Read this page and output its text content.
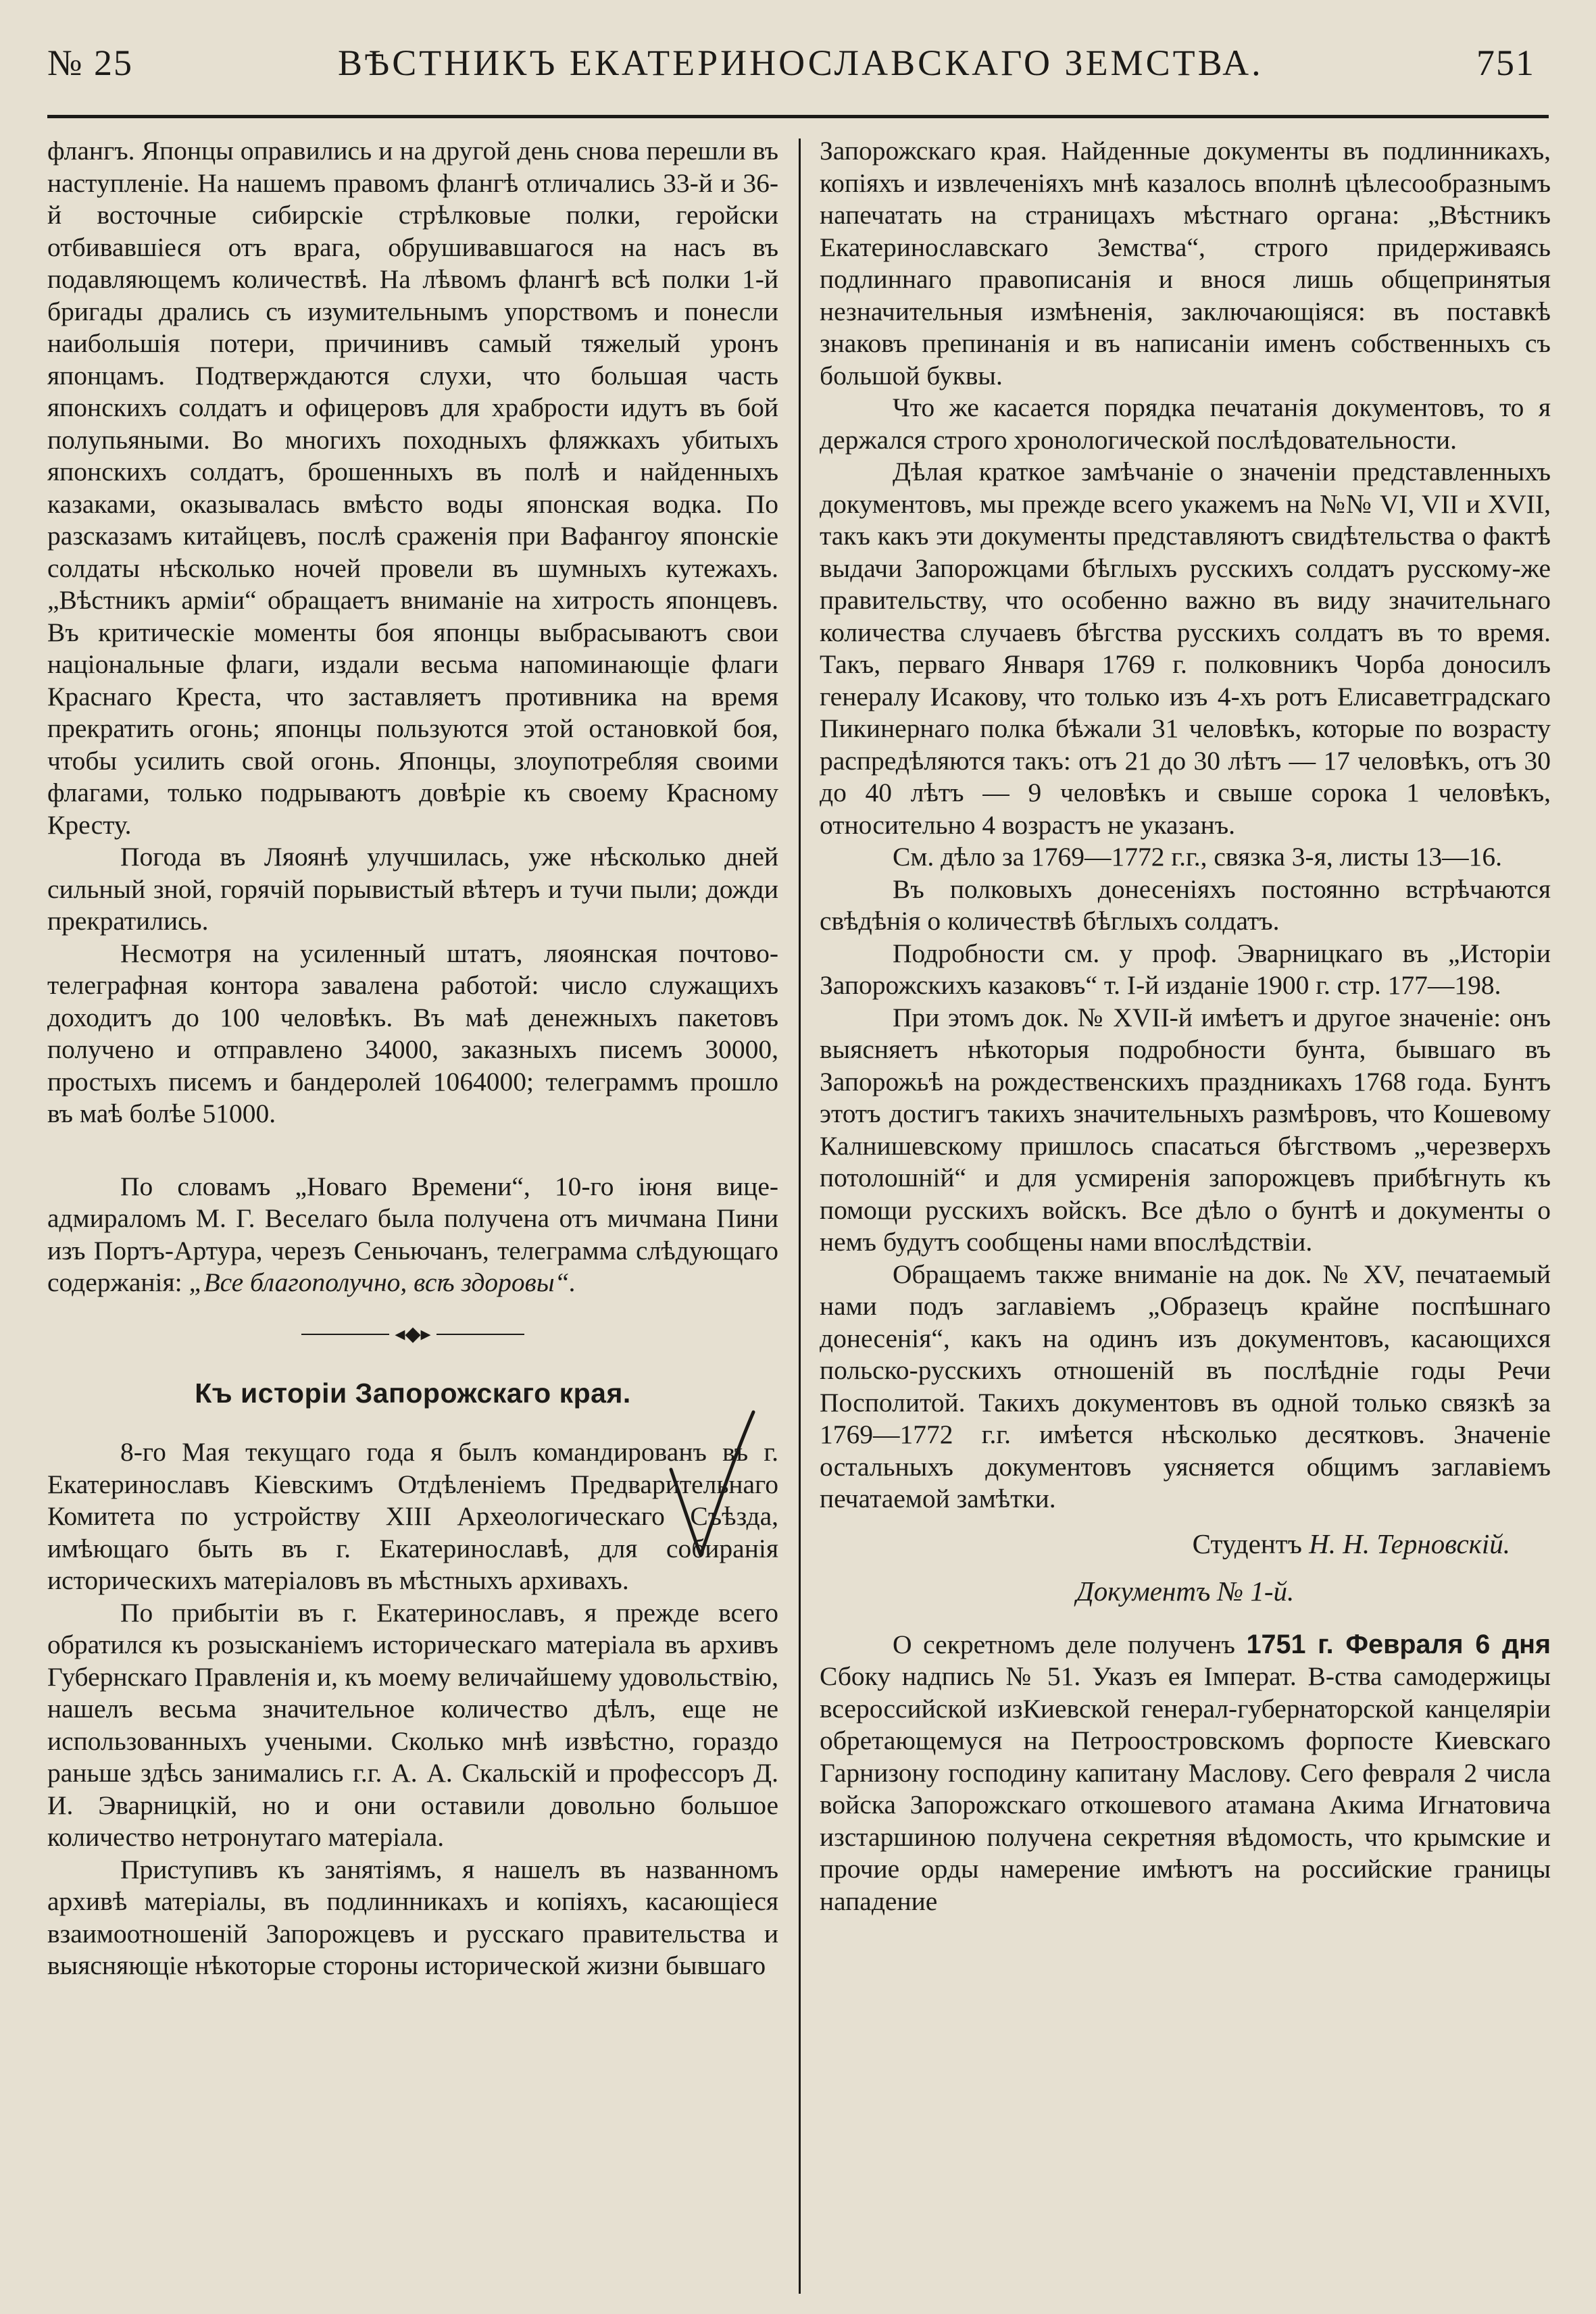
№ 25	ВѢСТНИКЪ ЕКАТЕРИНОСЛАВСКАГО ЗЕМСТВА.	751

флангъ. Японцы оправились и на другой день снова перешли въ наступленіе. На нашемъ правомъ флангѣ отличались 33-й и 36-й восточные сибирскіе стрѣлковые полки, геройски отбивавшіеся отъ врага, обрушивавшагося на насъ въ подавляющемъ количествѣ. На лѣвомъ флангѣ всѣ полки 1-й бригады дрались съ изумительнымъ упорствомъ и понесли наибольшія потери, причинивъ самый тяжелый уронъ японцамъ. Подтверждаются слухи, что большая часть японскихъ солдатъ и офицеровъ для храбрости идутъ въ бой полупьяными. Во многихъ походныхъ фляжкахъ убитыхъ японскихъ солдатъ, брошенныхъ въ полѣ и найденныхъ казаками, оказывалась вмѣсто воды японская водка. По разсказамъ китайцевъ, послѣ сраженія при Вафангоу японскіе солдаты нѣсколько ночей провели въ шумныхъ кутежахъ. „Вѣстникъ арміи“ обращаетъ вниманіе на хитрость японцевъ. Въ критическіе моменты боя японцы выбрасываютъ свои національные флаги, издали весьма напоминающіе флаги Краснаго Креста, что заставляетъ противника на время прекратить огонь; японцы пользуются этой остановкой боя, чтобы усилить свой огонь. Японцы, злоупотребляя своими флагами, только подрываютъ довѣріе къ своему Красному Кресту.

Погода въ Ляоянѣ улучшилась, уже нѣсколько дней сильный зной, горячій порывистый вѣтеръ и тучи пыли; дожди прекратились.

Несмотря на усиленный штатъ, ляоянская почтово-телеграфная контора завалена работой: число служащихъ доходитъ до 100 человѣкъ. Въ маѣ денежныхъ пакетовъ получено и отправлено 34000, заказныхъ писемъ 30000, простыхъ писемъ и бандеролей 1064000; телеграммъ прошло въ маѣ болѣе 51000.

По словамъ „Новаго Времени“, 10-го іюня вице-адмираломъ М. Г. Веселаго была получена отъ мичмана Пини изъ Портъ-Артура, черезъ Сеньючанъ, телеграмма слѣдующаго содержанія: „Все благополучно, всѣ здоровы“.

◂◆▸
Къ исторіи Запорожскаго края.

8-го Мая текущаго года я былъ командированъ въ г. Екатеринославъ Кіевскимъ Отдѣленіемъ Предварительнаго Комитета по устройству XIII Археологическаго Съѣзда, имѣющаго быть въ г. Екатеринославѣ, для собиранія историческихъ матеріаловъ въ мѣстныхъ архивахъ.

По прибытіи въ г. Екатеринославъ, я прежде всего обратился къ розысканіемъ историческаго матеріала въ архивъ Губернскаго Правленія и, къ моему величайшему удовольствію, нашелъ весьма значительное количество дѣлъ, еще не использованныхъ учеными. Сколько мнѣ извѣстно, гораздо раньше здѣсь занимались г.г. А. А. Скальскій и профессоръ Д. И. Эварницкій, но и они оставили довольно большое количество нетронутаго матеріала.

Приступивъ къ занятіямъ, я нашелъ въ названномъ архивѣ матеріалы, въ подлинникахъ и копіяхъ, касающіеся взаимоотношеній Запорожцевъ и русскаго правительства и выясняющіе нѣкоторые стороны исторической жизни бывшаго

Запорожскаго края. Найденные документы въ подлинникахъ, копіяхъ и извлеченіяхъ мнѣ казалось вполнѣ цѣлесообразнымъ напечатать на страницахъ мѣстнаго органа: „Вѣстникъ Екатеринославскаго Земства“, строго придерживаясь подлиннаго правописанія и внося лишь общепринятыя незначительныя измѣненія, заключающіяся: въ поставкѣ знаковъ препинанія и въ написаніи именъ собственныхъ съ большой буквы.

Что же касается порядка печатанія документовъ, то я держался строго хронологической послѣдовательности.

Дѣлая краткое замѣчаніе о значеніи представленныхъ документовъ, мы прежде всего укажемъ на №№ VI, VII и XVII, такъ какъ эти документы представляютъ свидѣтельства о фактѣ выдачи Запорожцами бѣглыхъ русскихъ солдатъ русскому-же правительству, что особенно важно въ виду значительнаго количества случаевъ бѣгства русскихъ солдатъ въ то время. Такъ, перваго Января 1769 г. полковникъ Чорба доносилъ генералу Исакову, что только изъ 4-хъ ротъ Елисаветградскаго Пикинернаго полка бѣжали 31 человѣкъ, которые по возрасту распредѣляются такъ: отъ 21 до 30 лѣтъ — 17 человѣкъ, отъ 30 до 40 лѣтъ — 9 человѣкъ и свыше сорока 1 человѣкъ, относительно 4 возрастъ не указанъ.

См. дѣло за 1769—1772 г.г., связка 3-я, листы 13—16.

Въ полковыхъ донесеніяхъ постоянно встрѣчаются свѣдѣнія о количествѣ бѣглыхъ солдатъ.

Подробности см. у проф. Эварницкаго въ „Исторіи Запорожскихъ казаковъ“ т. I-й изданіе 1900 г. стр. 177—198.

При этомъ док. № XVII-й имѣетъ и другое значеніе: онъ выясняетъ нѣкоторыя подробности бунта, бывшаго въ Запорожьѣ на рождественскихъ праздникахъ 1768 года. Бунтъ этотъ достигъ такихъ значительныхъ размѣровъ, что Кошевому Калнишевскому пришлось спасаться бѣгствомъ „черезверхъ потолошній“ и для усмиренія запорожцевъ прибѣгнуть къ помощи русскихъ войскъ. Все дѣло о бунтѣ и документы о немъ будутъ сообщены нами впослѣдствіи.

Обращаемъ также вниманіе на док. № XV, печатаемый нами подъ заглавіемъ „Образецъ крайне поспѣшнаго донесенія“, какъ на одинъ изъ документовъ, касающихся польско-русскихъ отношеній въ послѣдніе годы Речи Посполитой. Такихъ документовъ въ одной только связкѣ за 1769—1772 г.г. имѣется нѣсколько десятковъ. Значеніе остальныхъ документовъ уясняется общимъ заглавіемъ печатаемой замѣтки.

Студентъ Н. Н. Терновскій.
Документъ № 1-й.

О секретномъ деле полученъ 1751 г. Февраля 6 дня Сбоку надпись № 51. Указъ ея Імперат. В-ства самодержицы всероссийской изКиевской генерал-губернаторской канцеляріи обретающемуся на Петроостровскомъ форпосте Киевскаго Гарнизону господину капитану Маслову. Сего февраля 2 числа войска Запорожскаго откошевого атамана Акима Игнатовича изстаршиною получена секретняя вѣдомость, что крымские и прочие орды намерение имѣютъ на российские границы нападение
